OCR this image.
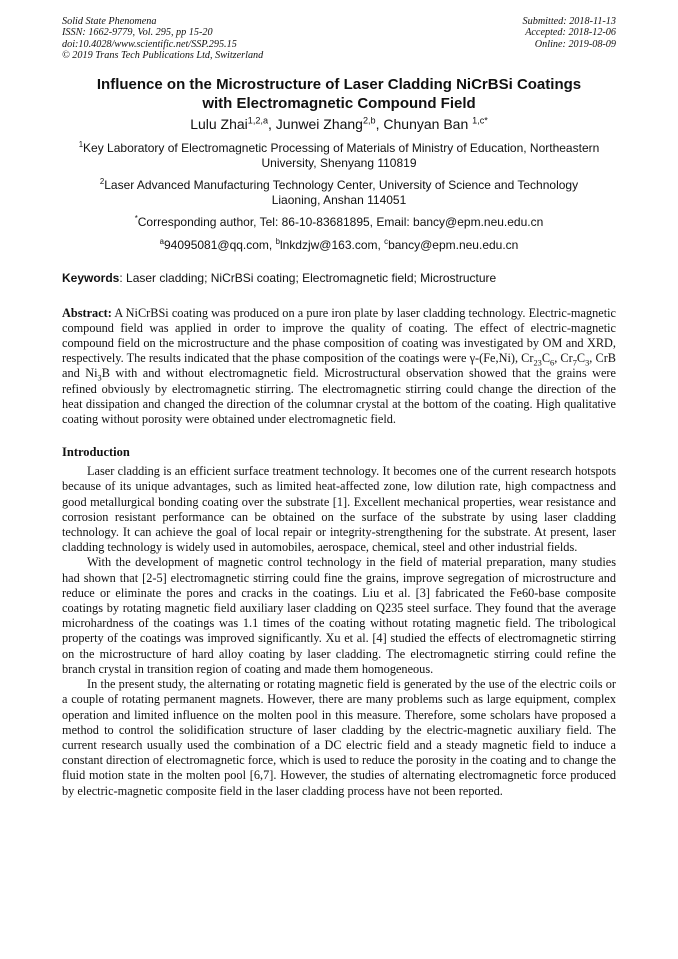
Solid State Phenomena
ISSN: 1662-9779, Vol. 295, pp 15-20
doi:10.4028/www.scientific.net/SSP.295.15
© 2019 Trans Tech Publications Ltd, Switzerland
Submitted: 2018-11-13
Accepted: 2018-12-06
Online: 2019-08-09
Influence on the Microstructure of Laser Cladding NiCrBSi Coatings
with Electromagnetic Compound Field
Lulu Zhai$^{1,2,a}$, Junwei Zhang$^{2,b}$, Chunyan Ban $^{1,c*}$
$^1$Key Laboratory of Electromagnetic Processing of Materials of Ministry of Education, Northeastern
University, Shenyang 110819
$^2$Laser Advanced Manufacturing Technology Center, University of Science and Technology
Liaoning, Anshan 114051
*Corresponding author, Tel: 86-10-83681895, Email: bancy@epm.neu.edu.cn
$^a$94095081@qq.com, $^b$lnkdzjw@163.com, $^c$bancy@epm.neu.edu.cn
Keywords: Laser cladding; NiCrBSi coating; Electromagnetic field; Microstructure
Abstract: A NiCrBSi coating was produced on a pure iron plate by laser cladding technology. Electric-magnetic compound field was applied in order to improve the quality of coating. The effect of electric-magnetic compound field on the microstructure and the phase composition of coating was investigated by OM and XRD, respectively. The results indicated that the phase composition of the coatings were γ-(Fe,Ni), $Cr_{23}C_6$, $Cr_7C_3$, CrB and $Ni_3B$ with and without electromagnetic field. Microstructural observation showed that the grains were refined obviously by electromagnetic stirring. The electromagnetic stirring could change the direction of the heat dissipation and changed the direction of the columnar crystal at the bottom of the coating. High qualitative coating without porosity were obtained under electromagnetic field.
Introduction
Laser cladding is an efficient surface treatment technology. It becomes one of the current research hotspots because of its unique advantages, such as limited heat-affected zone, low dilution rate, high compactness and good metallurgical bonding coating over the substrate [1]. Excellent mechanical properties, wear resistance and corrosion resistant performance can be obtained on the surface of the substrate by using laser cladding technology. It can achieve the goal of local repair or integrity-strengthening for the substrate. At present, laser cladding technology is widely used in automobiles, aerospace, chemical, steel and other industrial fields.
With the development of magnetic control technology in the field of material preparation, many studies had shown that [2-5] electromagnetic stirring could fine the grains, improve segregation of microstructure and reduce or eliminate the pores and cracks in the coatings. Liu et al. [3] fabricated the Fe60-base composite coatings by rotating magnetic field auxiliary laser cladding on Q235 steel surface. They found that the average microhardness of the coatings was 1.1 times of the coating without rotating magnetic field. The tribological property of the coatings was improved significantly. Xu et al. [4] studied the effects of electromagnetic stirring on the microstructure of hard alloy coating by laser cladding. The electromagnetic stirring could refine the branch crystal in transition region of coating and made them homogeneous.
In the present study, the alternating or rotating magnetic field is generated by the use of the electric coils or a couple of rotating permanent magnets. However, there are many problems such as large equipment, complex operation and limited influence on the molten pool in this measure. Therefore, some scholars have proposed a method to control the solidification structure of laser cladding by the electric-magnetic auxiliary field. The current research usually used the combination of a DC electric field and a steady magnetic field to induce a constant direction of electromagnetic force, which is used to reduce the porosity in the coating and to change the fluid motion state in the molten pool [6,7]. However, the studies of alternating electromagnetic force produced by electric-magnetic composite field in the laser cladding process have not been reported.
